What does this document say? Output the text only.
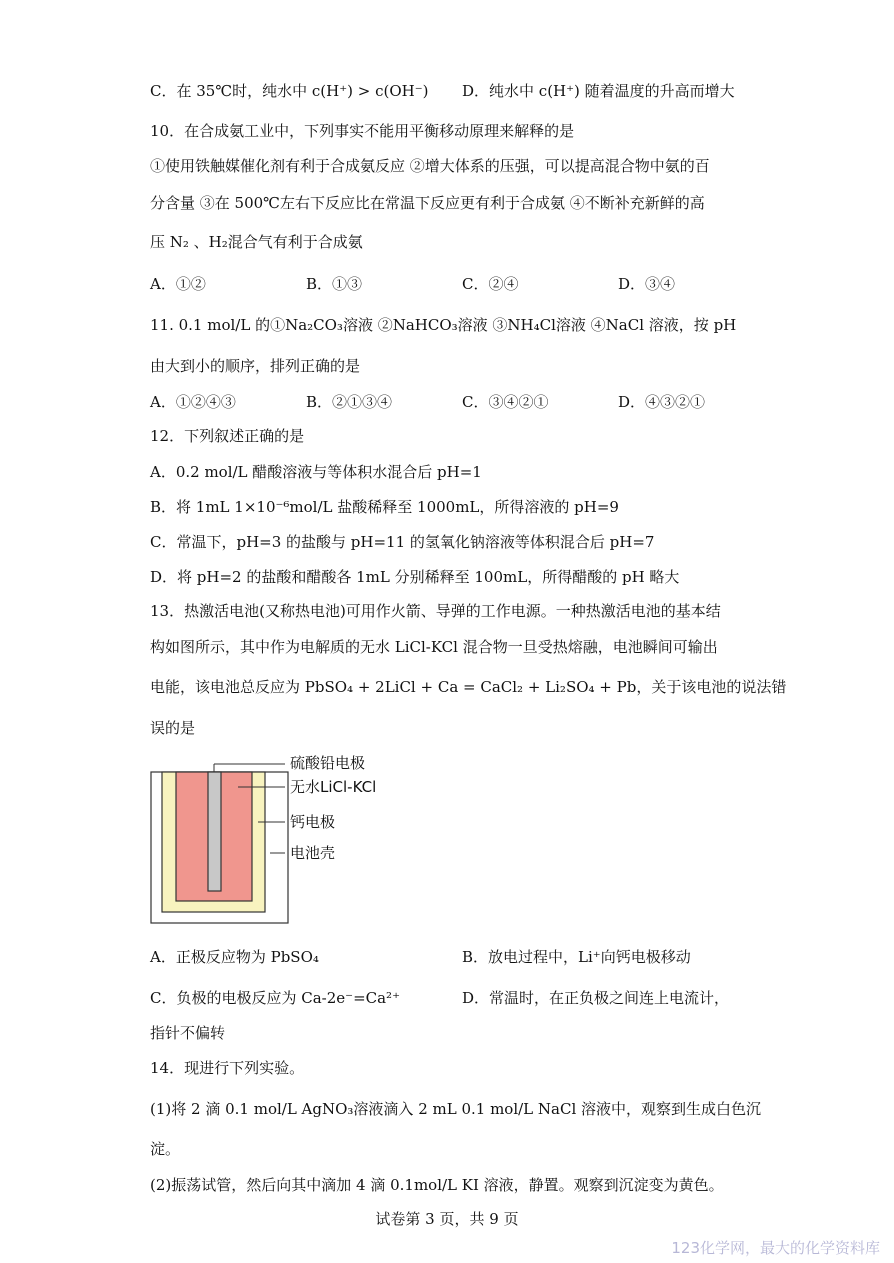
C．在 35℃时，纯水中 c(H⁺) > c(OH⁻) D．纯水中 c(H⁺) 随着温度的升高而增大
10．在合成氨工业中，下列事实不能用平衡移动原理来解释的是
①使用铁触媒催化剂有利于合成氨反应 ②增大体系的压强，可以提高混合物中氨的百
分含量 ③在 500℃左右下反应比在常温下反应更有利于合成氨 ④不断补充新鲜的高
压 N₂ 、H₂混合气有利于合成氨
A．①②	B．①③	C．②④	D．③④
11. 0.1 mol/L 的①Na₂CO₃溶液 ②NaHCO₃溶液 ③NH₄Cl溶液 ④NaCl 溶液，按 pH
由大到小的顺序，排列正确的是
A．①②④③	B．②①③④	C．③④②①	D．④③②①
12．下列叙述正确的是
A．0.2 mol/L 醋酸溶液与等体积水混合后 pH=1
B．将 1mL 1×10⁻⁶mol/L 盐酸稀释至 1000mL，所得溶液的 pH=9
C．常温下，pH=3 的盐酸与 pH=11 的氢氧化钠溶液等体积混合后 pH=7
D．将 pH=2 的盐酸和醋酸各 1mL 分别稀释至 100mL，所得醋酸的 pH 略大
13．热激活电池(又称热电池)可用作火箭、导弹的工作电源。一种热激活电池的基本结
构如图所示，其中作为电解质的无水 LiCl-KCl 混合物一旦受热熔融，电池瞬间可输出
电能，该电池总反应为 PbSO₄ + 2LiCl + Ca = CaCl₂ + Li₂SO₄ + Pb，关于该电池的说法错
误的是
硫酸铅电极
无水LiCl-KCl
钙电极
电池壳
A．正极反应物为 PbSO₄	B．放电过程中，Li⁺向钙电极移动
C．负极的电极反应为 Ca-2e⁻=Ca²⁺	D．常温时，在正负极之间连上电流计，
指针不偏转
14．现进行下列实验。
(1)将 2 滴 0.1 mol/L AgNO₃溶液滴入 2 mL 0.1 mol/L NaCl 溶液中，观察到生成白色沉
淀。
(2)振荡试管，然后向其中滴加 4 滴 0.1mol/L KI 溶液，静置。观察到沉淀变为黄色。
试卷第 3 页，共 9 页
123化学网，最大的化学资料库
